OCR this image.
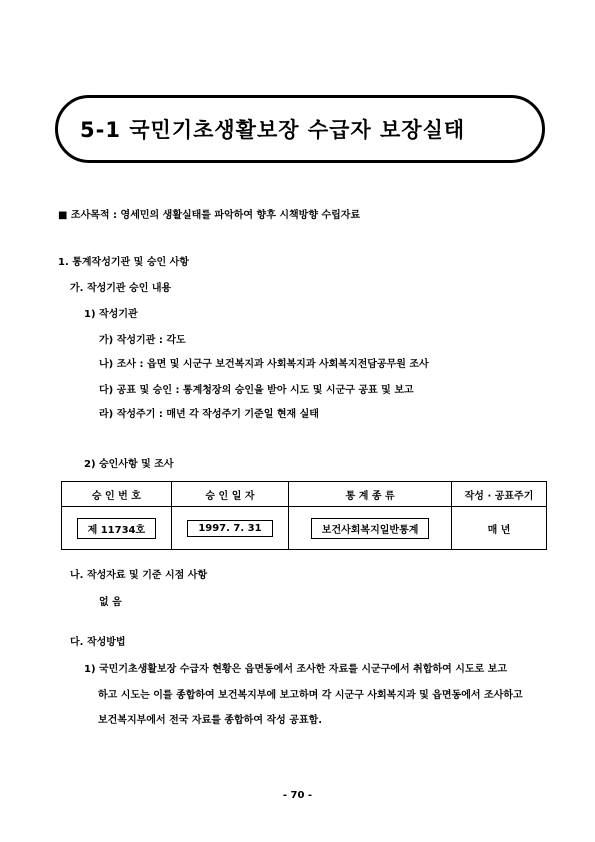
5-1 국민기초생활보장 수급자 보장실태
■ 조사목적 : 영세민의 생활실태를 파악하여 향후 시책방향 수립자료
1. 통계작성기관 및 승인 사항
가. 작성기관 승인 내용
1) 작성기관
가) 작성기관 : 각도
나) 조사 : 읍면 및 시군구 보건복지과 사회복지과 사회복지전담공무원 조사
다) 공표 및 승인 : 통계청장의 승인을 받아 시도 및 시군구 공표 및 보고
라) 작성주기 : 매년 각 작성주기 기준일 현재 실태
2) 승인사항 및 조사
승 인 번 호	승 인 일 자	통 계 종 류	작성 · 공표주기
제 11734호	1997. 7. 31	보건사회복지일반통계	매 년
나. 작성자료 및 기준 시점 사항
없 음
다. 작성방법
1) 국민기초생활보장 수급자 현황은 읍면동에서 조사한 자료를 시군구에서 취합하여 시도로 보고
하고 시도는 이를 종합하여 보건복지부에 보고하며 각 시군구 사회복지과 및 읍면동에서 조사하고
보건복지부에서 전국 자료를 종합하여 작성 공표함.
- 70 -
